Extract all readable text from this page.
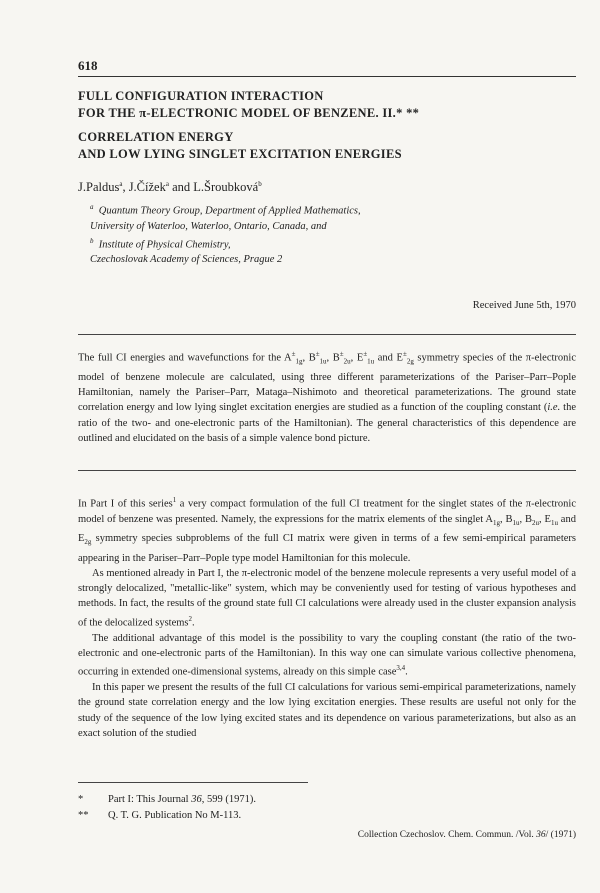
618
FULL CONFIGURATION INTERACTION
FOR THE π-ELECTRONIC MODEL OF BENZENE. II.* **
CORRELATION ENERGY
AND LOW LYING SINGLET EXCITATION ENERGIES
J.Paldus$^a$, J.Čížek$^a$ and L.Šroubková$^b$
$^a$ Quantum Theory Group, Department of Applied Mathematics,
University of Waterloo, Waterloo, Ontario, Canada, and
$^b$ Institute of Physical Chemistry,
Czechoslovak Academy of Sciences, Prague 2
Received June 5th, 1970
The full CI energies and wavefunctions for the $A^\pm_{1g}$, $B^\pm_{1u}$, $B^\pm_{2u}$, $E^\pm_{1u}$ and $E^\pm_{2g}$ symmetry species of the π-electronic model of benzene molecule are calculated, using three different parameterizations of the Pariser–Parr–Pople Hamiltonian, namely the Pariser–Parr, Mataga–Nishimoto and theoretical parameterizations. The ground state correlation energy and low lying singlet excitation energies are studied as a function of the coupling constant (i.e. the ratio of the two- and one-electronic parts of the Hamiltonian). The general characteristics of this dependence are outlined and elucidated on the basis of a simple valence bond picture.

In Part I of this series$^1$ a very compact formulation of the full CI treatment for the singlet states of the π-electronic model of benzene was presented. Namely, the expressions for the matrix elements of the singlet $A_{1g}$, $B_{1u}$, $B_{2u}$, $E_{1u}$ and $E_{2g}$ symmetry species subproblems of the full CI matrix were given in terms of a few semi-empirical parameters appearing in the Pariser–Parr–Pople type model Hamiltonian for this molecule.

As mentioned already in Part I, the π-electronic model of the benzene molecule represents a very useful model of a strongly delocalized, "metallic-like" system, which may be conveniently used for testing of various hypotheses and methods. In fact, the results of the ground state full CI calculations were already used in the cluster expansion analysis of the delocalized systems$^2$.

The additional advantage of this model is the possibility to vary the coupling constant (the ratio of the two-electronic and one-electronic parts of the Hamiltonian). In this way one can simulate various collective phenomena, occurring in extended one-dimensional systems, already on this simple case$^{3,4}$.

In this paper we present the results of the full CI calculations for various semi-empirical parameterizations, namely the ground state correlation energy and the low lying excitation energies. These results are useful not only for the study of the sequence of the low lying excited states and its dependence on various parameterizations, but also as an exact solution of the studied

*	Part I: This Journal 36, 599 (1971).
**	Q. T. G. Publication No M-113.
Collection Czechoslov. Chem. Commun. /Vol. 36/ (1971)
